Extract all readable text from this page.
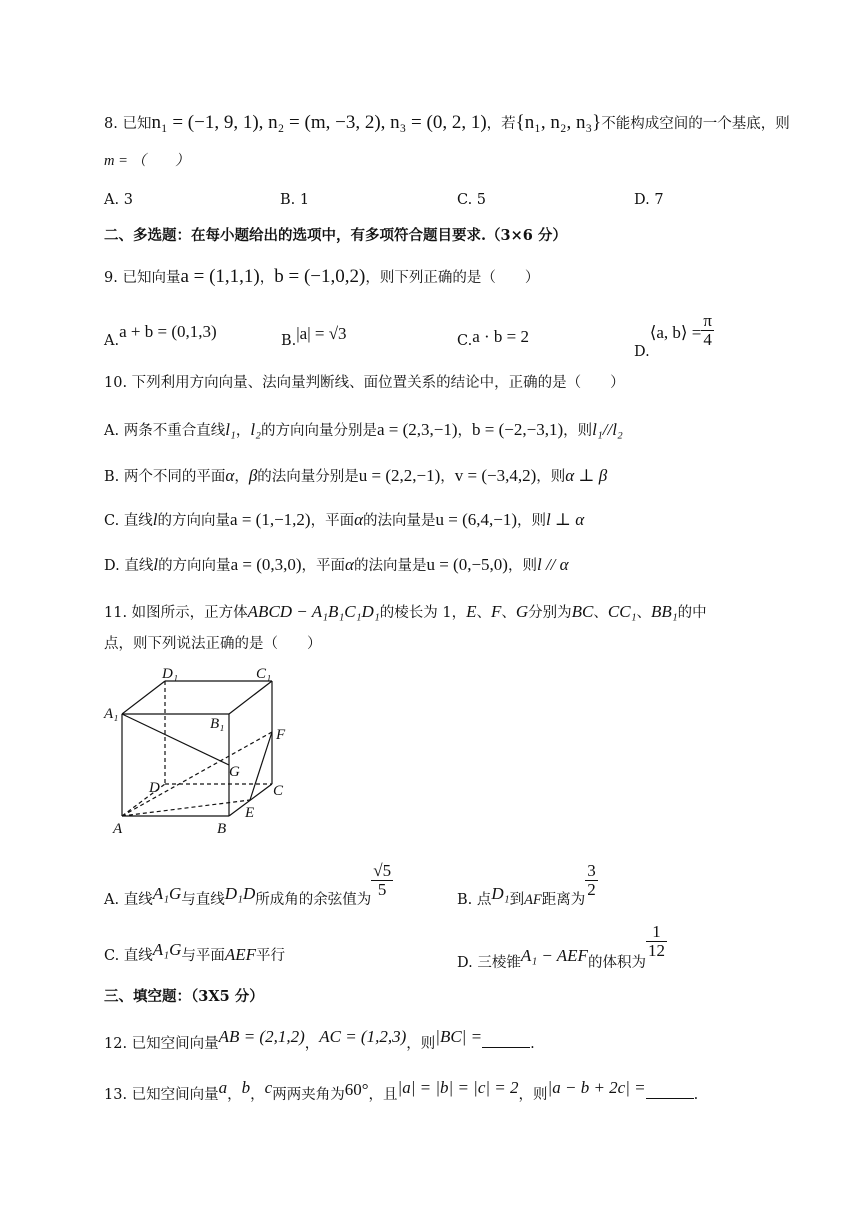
8. 已知n₁ = (−1, 9, 1), n₂ = (m, −3, 2), n₃ = (0, 2, 1)，若{n₁, n₂, n₃}不能构成空间的一个基底，则
m = （　　）
A. 3	B. 1	C. 5	D. 7
二、多选题：在每小题给出的选项中，有多项符合题目要求.（3×6 分）
9. 已知向量a = (1,1,1)，b = (−1,0,2)，则下列正确的是（　　）
A.a + b = (0,1,3)	B.|a| = √3	C.a · b = 2
D.⟨a, b⟩ = $\frac{\pi}{4}$
10. 下列利用方向向量、法向量判断线、面位置关系的结论中，正确的是（　　）
A. 两条不重合直线l₁，l₂的方向向量分别是a = (2,3,−1)，b = (−2,−3,1)，则l₁//l₂
B. 两个不同的平面α，β的法向量分别是u = (2,2,−1)，v = (−3,4,2)，则α ⊥ β
C. 直线l的方向向量a = (1,−1,2)，平面α的法向量是u = (6,4,−1)，则l ⊥ α
D. 直线l的方向向量a = (0,3,0)，平面α的法向量是u = (0,−5,0)，则l // α
11. 如图所示，正方体ABCD − A₁B₁C₁D₁的棱长为 1，E、F、G分别为BC、CC₁、BB₁的中
点，则下列说法正确的是（　　）
D₁	C₁
A₁
B₁
F
G
D	C
E
A	B
A. 直线A₁G与直线D₁D所成角的余弦值为
$\frac{√5}{5}$
B. 点D₁到AF距离为
$\frac{3}{2}$
C. 直线A₁G与平面AEF平行	D. 三棱锥A₁ − AEF的体积为
$\frac{1}{12}$
三、填空题：（3X5 分）
12. 已知空间向量AB = (2,1,2)，AC = (1,2,3)，则|BC| =	.
13. 已知空间向量a，b，c两两夹角为60°，且|a| = |b| = |c| = 2，则|a − b + 2c| =	.
